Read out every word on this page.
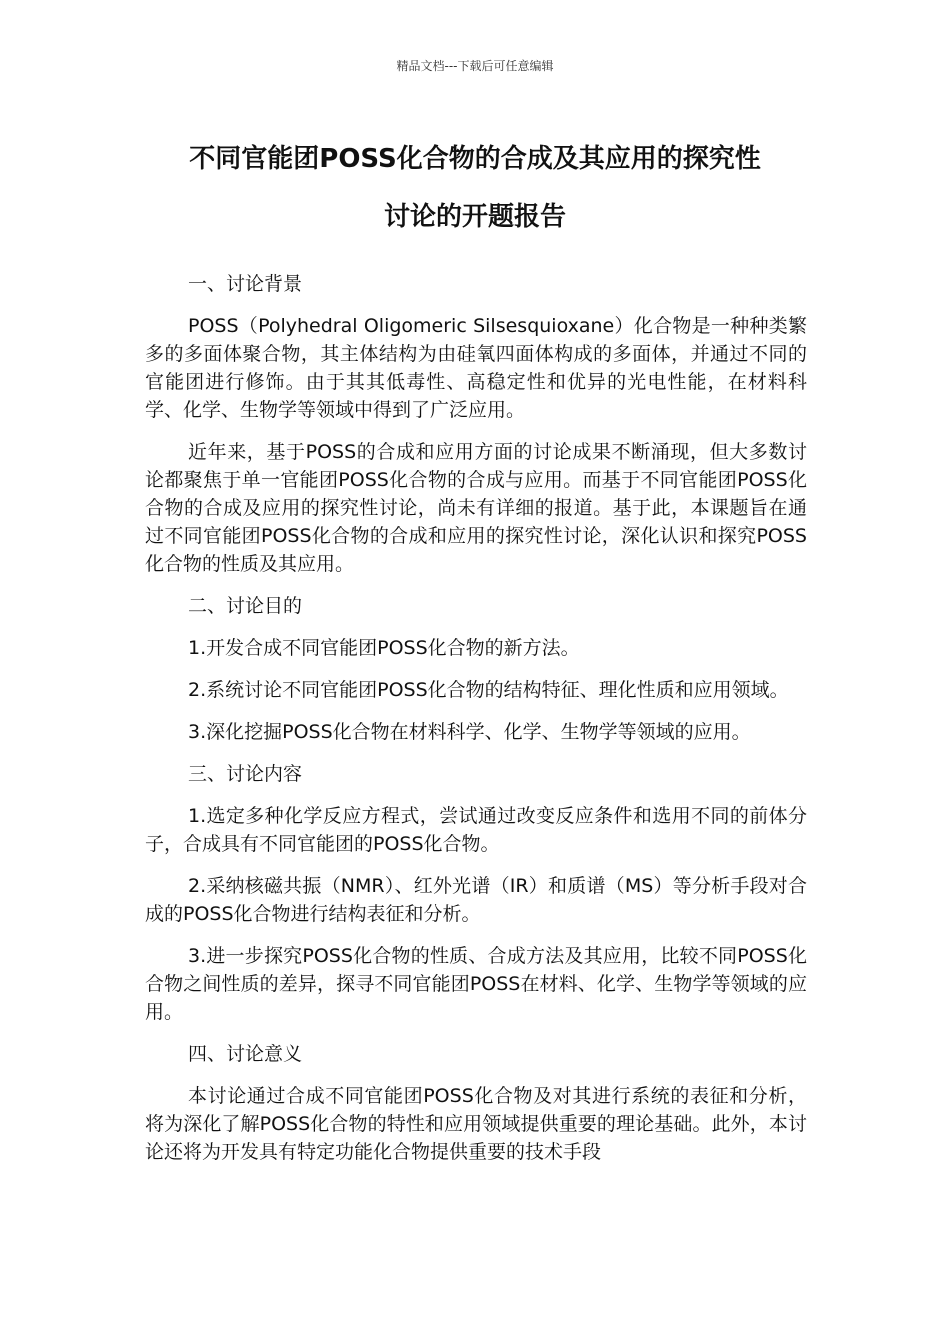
精品文档---下载后可任意编辑
不同官能团POSS化合物的合成及其应用的探究性
讨论的开题报告

一、讨论背景

POSS（Polyhedral Oligomeric Silsesquioxane）化合物是一种种类繁多的多面体聚合物，其主体结构为由硅氧四面体构成的多面体，并通过不同的官能团进行修饰。由于其其低毒性、高稳定性和优异的光电性能，在材料科学、化学、生物学等领域中得到了广泛应用。

近年来，基于POSS的合成和应用方面的讨论成果不断涌现，但大多数讨论都聚焦于单一官能团POSS化合物的合成与应用。而基于不同官能团POSS化合物的合成及应用的探究性讨论，尚未有详细的报道。基于此，本课题旨在通过不同官能团POSS化合物的合成和应用的探究性讨论，深化认识和探究POSS化合物的性质及其应用。

二、讨论目的

1.开发合成不同官能团POSS化合物的新方法。

2.系统讨论不同官能团POSS化合物的结构特征、理化性质和应用领域。

3.深化挖掘POSS化合物在材料科学、化学、生物学等领域的应用。

三、讨论内容

1.选定多种化学反应方程式，尝试通过改变反应条件和选用不同的前体分子，合成具有不同官能团的POSS化合物。

2.采纳核磁共振（NMR）、红外光谱（IR）和质谱（MS）等分析手段对合成的POSS化合物进行结构表征和分析。

3.进一步探究POSS化合物的性质、合成方法及其应用，比较不同POSS化合物之间性质的差异，探寻不同官能团POSS在材料、化学、生物学等领域的应用。

四、讨论意义

本讨论通过合成不同官能团POSS化合物及对其进行系统的表征和分析，将为深化了解POSS化合物的特性和应用领域提供重要的理论基础。此外，本讨论还将为开发具有特定功能化合物提供重要的技术手段
